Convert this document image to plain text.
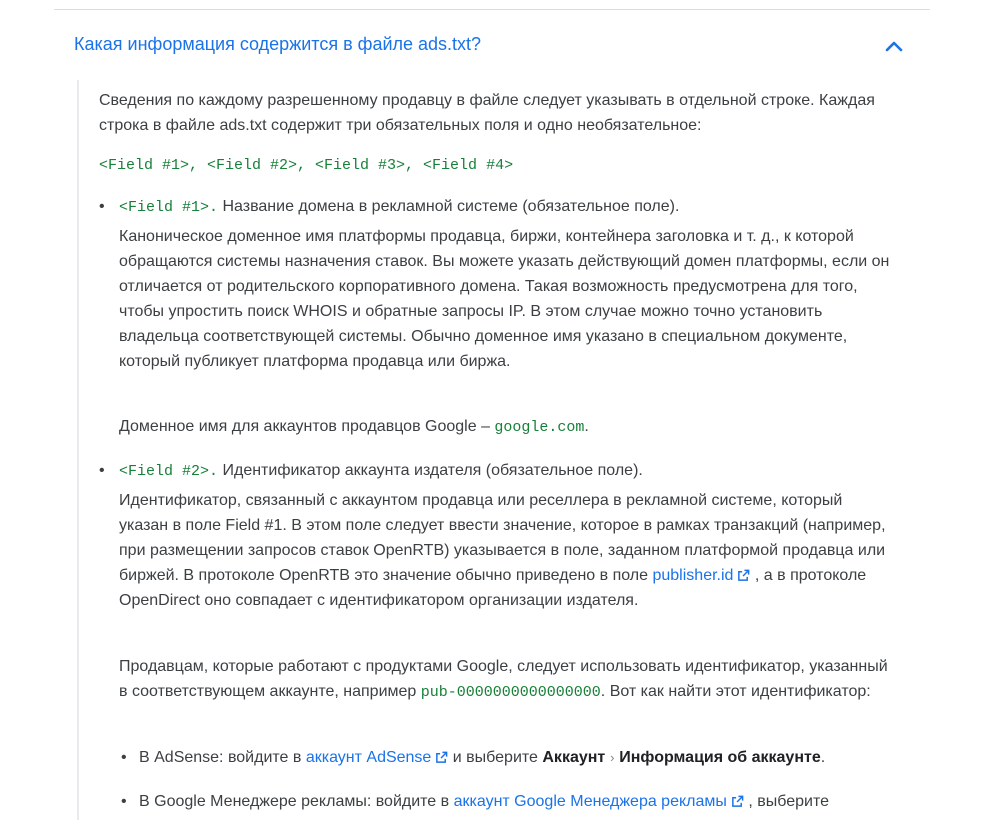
Какая информация содержится в файле ads.txt?

Сведения по каждому разрешенному продавцу в файле следует указывать в отдельной строке. Каждая строка в файле ads.txt содержит три обязательных поля и одно необязательное:

<Field #1>, <Field #2>, <Field #3>, <Field #4>

• <Field #1>. Название домена в рекламной системе (обязательное поле).

Каноническое доменное имя платформы продавца, биржи, контейнера заголовка и т. д., к которой обращаются системы назначения ставок. Вы можете указать действующий домен платформы, если он отличается от родительского корпоративного домена. Такая возможность предусмотрена для того, чтобы упростить поиск WHOIS и обратные запросы IP. В этом случае можно точно установить владельца соответствующей системы. Обычно доменное имя указано в специальном документе, который публикует платформа продавца или биржа.

Доменное имя для аккаунтов продавцов Google – google.com.

• <Field #2>. Идентификатор аккаунта издателя (обязательное поле).

Идентификатор, связанный с аккаунтом продавца или реселлера в рекламной системе, который указан в поле Field #1. В этом поле следует ввести значение, которое в рамках транзакций (например, при размещении запросов ставок OpenRTB) указывается в поле, заданном платформой продавца или биржей. В протоколе OpenRTB это значение обычно приведено в поле publisher.id , а в протоколе OpenDirect оно совпадает с идентификатором организации издателя.

Продавцам, которые работают с продуктами Google, следует использовать идентификатор, указанный в соответствующем аккаунте, например pub-0000000000000000. Вот как найти этот идентификатор:

• В AdSense: войдите в аккаунт AdSense и выберите Аккаунт › Информация об аккаунте.

• В Google Менеджере рекламы: войдите в аккаунт Google Менеджера рекламы , выберите
